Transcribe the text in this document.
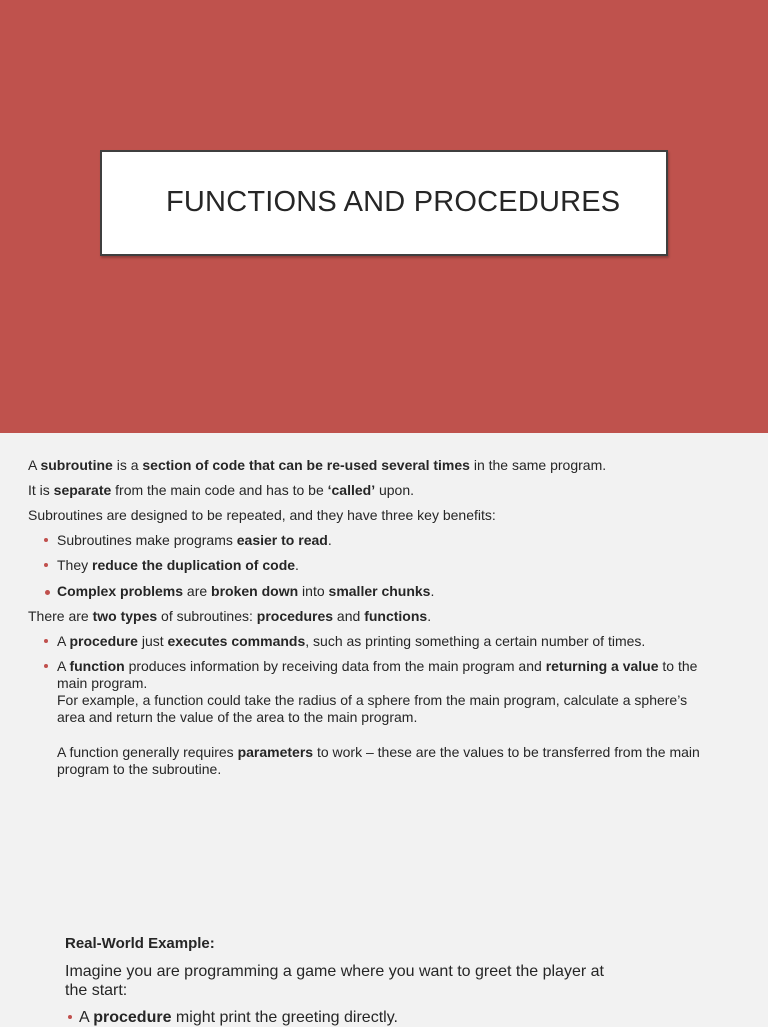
FUNCTIONS AND PROCEDURES
A subroutine is a section of code that can be re-used several times in the same program.
It is separate from the main code and has to be ‘called’ upon.
Subroutines are designed to be repeated, and they have three key benefits:
Subroutines make programs easier to read.
They reduce the duplication of code.
Complex problems are broken down into smaller chunks.
There are two types of subroutines: procedures and functions.
A procedure just executes commands, such as printing something a certain number of times.
A function produces information by receiving data from the main program and returning a value to the
main program.
For example, a function could take the radius of a sphere from the main program, calculate a sphere’s
area and return the value of the area to the main program.
A function generally requires parameters to work – these are the values to be transferred from the main
program to the subroutine.
Real-World Example:
Imagine you are programming a game where you want to greet the player at
the start:
A procedure might print the greeting directly.
